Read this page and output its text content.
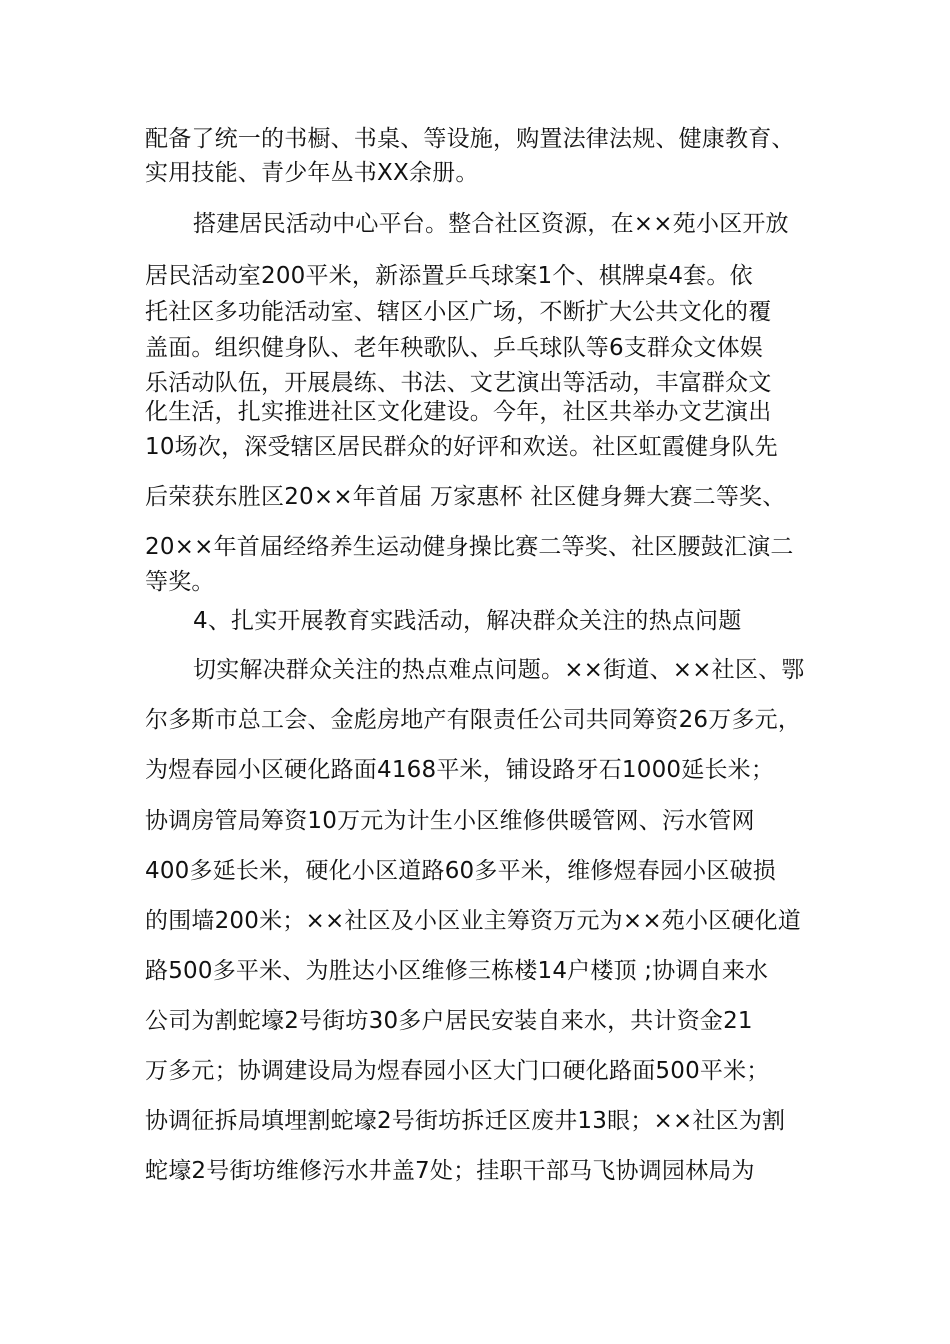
配备了统一的书橱、书桌、等设施，购置法律法规、健康教育、
实用技能、青少年丛书XX余册。
搭建居民活动中心平台。整合社区资源，在××苑小区开放
居民活动室200平米，新添置乒乓球案1个、棋牌桌4套。依
托社区多功能活动室、辖区小区广场，不断扩大公共文化的覆
盖面。组织健身队、老年秧歌队、乒乓球队等6支群众文体娱
乐活动队伍，开展晨练、书法、文艺演出等活动，丰富群众文
化生活，扎实推进社区文化建设。今年，社区共举办文艺演出
10场次，深受辖区居民群众的好评和欢送。社区虹霞健身队先
后荣获东胜区20××年首届 万家惠杯 社区健身舞大赛二等奖、
20××年首届经络养生运动健身操比赛二等奖、社区腰鼓汇演二
等奖。
4、扎实开展教育实践活动，解决群众关注的热点问题
切实解决群众关注的热点难点问题。××街道、××社区、鄂
尔多斯市总工会、金彪房地产有限责任公司共同筹资26万多元，
为煜春园小区硬化路面4168平米，铺设路牙石1000延长米；
协调房管局筹资10万元为计生小区维修供暖管网、污水管网
400多延长米，硬化小区道路60多平米，维修煜春园小区破损
的围墙200米；××社区及小区业主筹资万元为××苑小区硬化道
路500多平米、为胜达小区维修三栋楼14户楼顶 ;协调自来水
公司为割蛇壕2号街坊30多户居民安装自来水，共计资金21
万多元；协调建设局为煜春园小区大门口硬化路面500平米；
协调征拆局填埋割蛇壕2号街坊拆迁区废井13眼；××社区为割
蛇壕2号街坊维修污水井盖7处；挂职干部马飞协调园林局为
